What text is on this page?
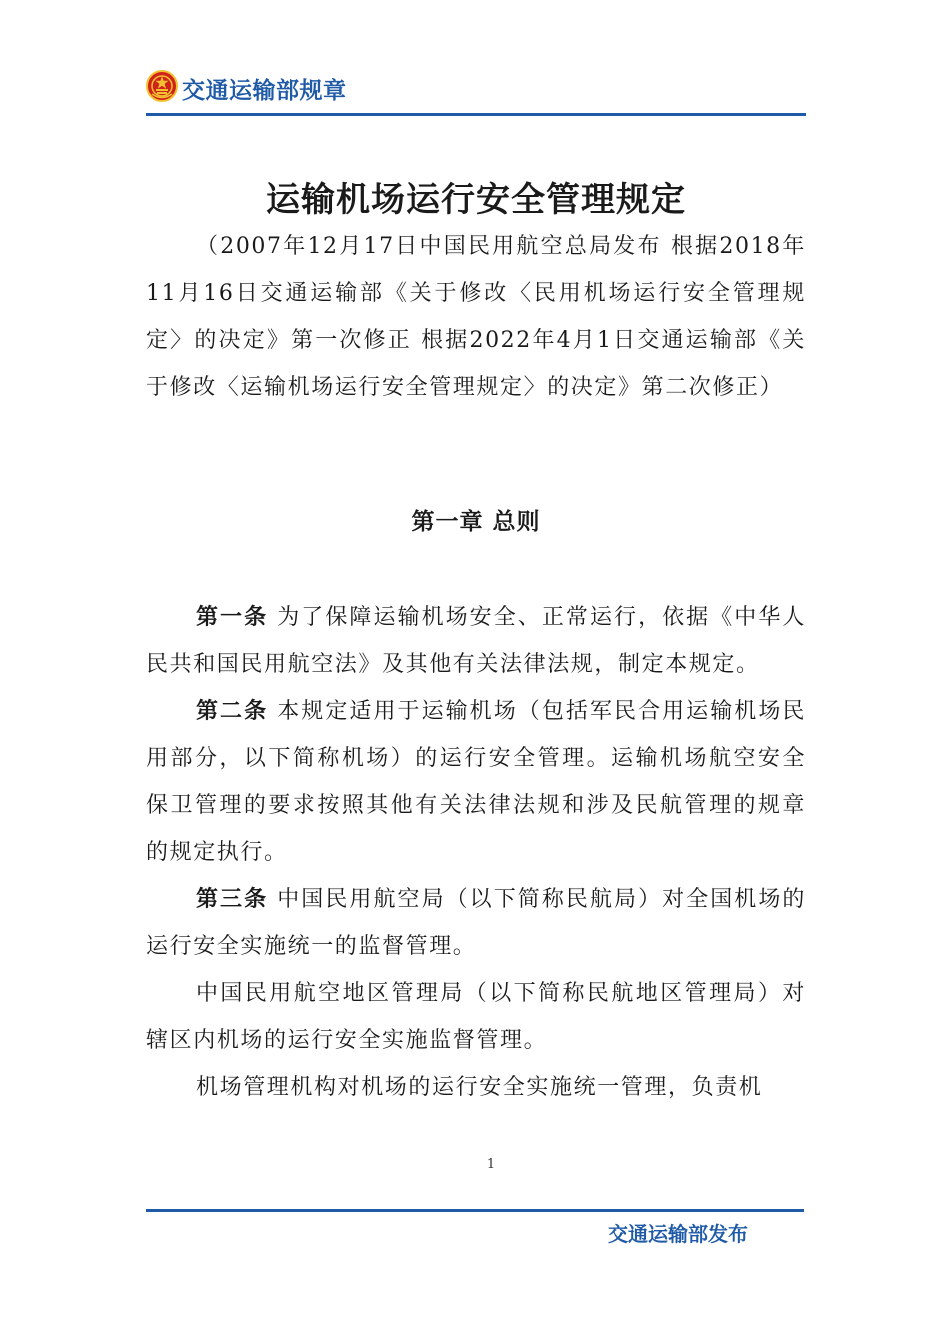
交通运输部规章
运输机场运行安全管理规定

（2007年12月17日中国民用航空总局发布 根据2018年11月16日交通运输部《关于修改〈民用机场运行安全管理规定〉的决定》第一次修正 根据2022年4月1日交通运输部《关于修改〈运输机场运行安全管理规定〉的决定》第二次修正）

第一章 总则

第一条 为了保障运输机场安全、正常运行，依据《中华人民共和国民用航空法》及其他有关法律法规，制定本规定。

第二条 本规定适用于运输机场（包括军民合用运输机场民用部分，以下简称机场）的运行安全管理。运输机场航空安全保卫管理的要求按照其他有关法律法规和涉及民航管理的规章的规定执行。

第三条 中国民用航空局（以下简称民航局）对全国机场的运行安全实施统一的监督管理。

中国民用航空地区管理局（以下简称民航地区管理局）对辖区内机场的运行安全实施监督管理。

机场管理机构对机场的运行安全实施统一管理，负责机

1
交通运输部发布
